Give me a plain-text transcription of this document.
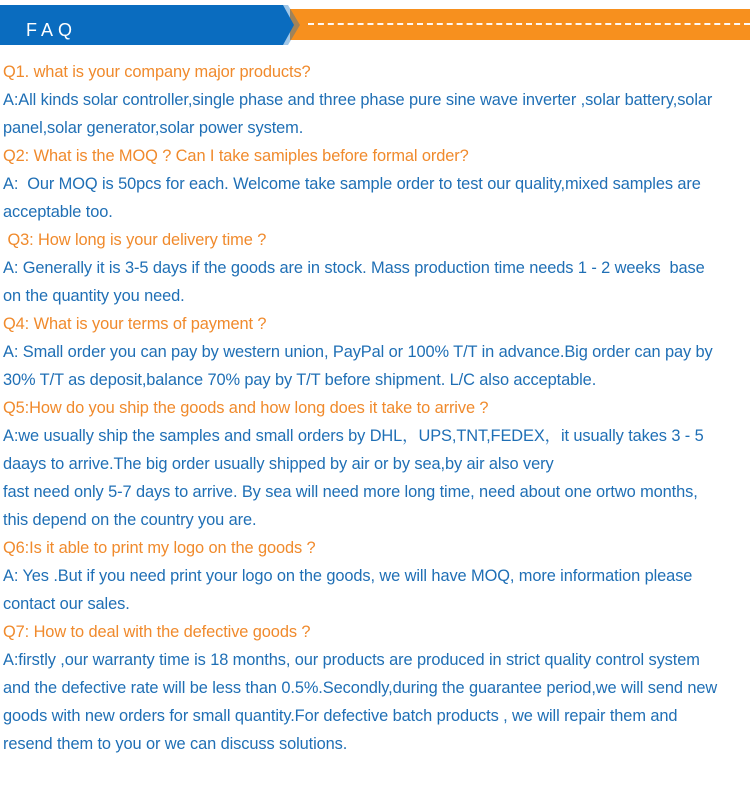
FAQ
Q1. what is your company major products?
A:All kinds solar controller,single phase and three phase pure sine wave inverter ,solar battery,solar
panel,solar generator,solar power system.
Q2: What is the MOQ ? Can I take samiples before formal order?
A:  Our MOQ is 50pcs for each. Welcome take sample order to test our quality,mixed samples are
acceptable too.
Q3: How long is your delivery time ?
A: Generally it is 3-5 days if the goods are in stock. Mass production time needs 1 - 2 weeks  base
on the quantity you need.
Q4: What is your terms of payment ?
A: Small order you can pay by western union, PayPal or 100% T/T in advance.Big order can pay by
30% T/T as deposit,balance 70% pay by T/T before shipment. L/C also acceptable.
Q5:How do you ship the goods and how long does it take to arrive ?
A:we usually ship the samples and small orders by DHL，UPS,TNT,FEDEX，it usually takes 3 - 5
daays to arrive.The big order usually shipped by air or by sea,by air also very
fast need only 5-7 days to arrive. By sea will need more long time, need about one ortwo months,
this depend on the country you are.
Q6:Is it able to print my logo on the goods ?
A: Yes .But if you need print your logo on the goods, we will have MOQ, more information please
contact our sales.
Q7: How to deal with the defective goods ?
A:firstly ,our warranty time is 18 months, our products are produced in strict quality control system
and the defective rate will be less than 0.5%.Secondly,during the guarantee period,we will send new
goods with new orders for small quantity.For defective batch products , we will repair them and
resend them to you or we can discuss solutions.
